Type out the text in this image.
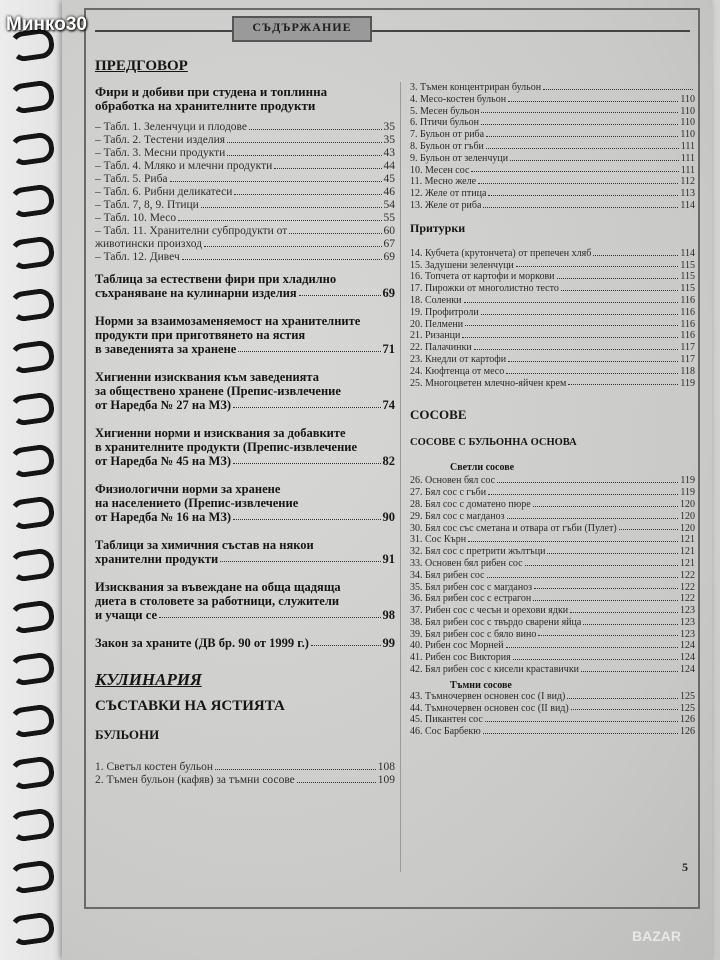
СЪДЪРЖАНИЕ
ПРЕДГОВОР
Фири и добиви при студена и топлинна
обработка на хранителните продукти
– Табл. 1. Зеленчуци и плодове	35
– Табл. 2. Тестени изделия	35
– Табл. 3. Месни продукти	43
– Табл. 4. Мляко и млечни продукти	44
– Табл. 5. Риба	45
– Табл. 6. Рибни деликатеси	46
– Табл. 7, 8, 9. Птици	54
– Табл. 10. Месо	55
– Табл. 11. Хранителни субпродукти от	60
животински произход	67
– Табл. 12. Дивеч	69
Таблица за естествени фири при хладилно
съхраняване на кулинарни изделия	69
Норми за взаимозаменяемост на хранителните
продукти при приготвянето на ястия
в заведенията за хранене	71
Хигиенни изисквания към заведенията
за обществено хранене (Препис-извлечение
от Наредба № 27 на МЗ)	74
Хигиенни норми и изисквания за добавките
в хранителните продукти (Препис-извлечение
от Наредба № 45 на МЗ)	82
Физиологични норми за хранене
на населението (Препис-извлечение
от Наредба № 16 на МЗ)	90
Таблици за химичния състав на някои
хранителни продукти	91
Изисквания за въвеждане на обща щадяща
диета в столовете за работници, служители
и учащи се	98
Закон за храните (ДВ бр. 90 от 1999 г.)	99
КУЛИНАРИЯ
СЪСТАВКИ НА ЯСТИЯТА
БУЛЬОНИ
1. Светъл костен бульон	108
2. Тъмен бульон (кафяв) за тъмни сосове	109
3. Тъмен концентриран бульон
4. Месо-костен бульон	110
5. Месен бульон	110
6. Птичи бульон	110
7. Бульон от риба	110
8. Бульон от гъби	111
9. Бульон от зеленчуци	111
10. Месен сос	111
11. Месно желе	112
12. Желе от птица	113
13. Желе от риба	114
Притурки
14. Кубчета (крутончета) от препечен хляб	114
15. Задушени зеленчуци	115
16. Топчета от картофи и моркови	115
17. Пирожки от многолистно тесто	115
18. Соленки	116
19. Профитроли	116
20. Пелмени	116
21. Ризанци	116
22. Палачинки	117
23. Кнедли от картофи	117
24. Кюфтенца от месо	118
25. Многоцветен млечно-яйчен крем	119
СОСОВЕ
СОСОВЕ С БУЛЬОННА ОСНОВА
Светли сосове
26. Основен бял сос	119
27. Бял сос с гъби	119
28. Бял сос с доматено пюре	120
29. Бял сос с магданоз	120
30. Бял сос със сметана и отвара от гъби (Пулет)	120
31. Сос Кърн	121
32. Бял сос с претрити жълтъци	121
33. Основен бял рибен сос	121
34. Бял рибен сос	122
35. Бял рибен сос с магданоз	122
36. Бял рибен сос с естрагон	122
37. Рибен сос с чесън и орехови ядки	123
38. Бял рибен сос с твърдо сварени яйца	123
39. Бял рибен сос с бяло вино	123
40. Рибен сос Морней	124
41. Рибен сос Виктория	124
42. Бял рибен сос с кисели краставички	124
Тъмни сосове
43. Тъмночервен основен сос (I вид)	125
44. Тъмночервен основен сос (II вид)	125
45. Пикантен сос	126
46. Сос Барбекю	126
5
Минко30
BAZAR
